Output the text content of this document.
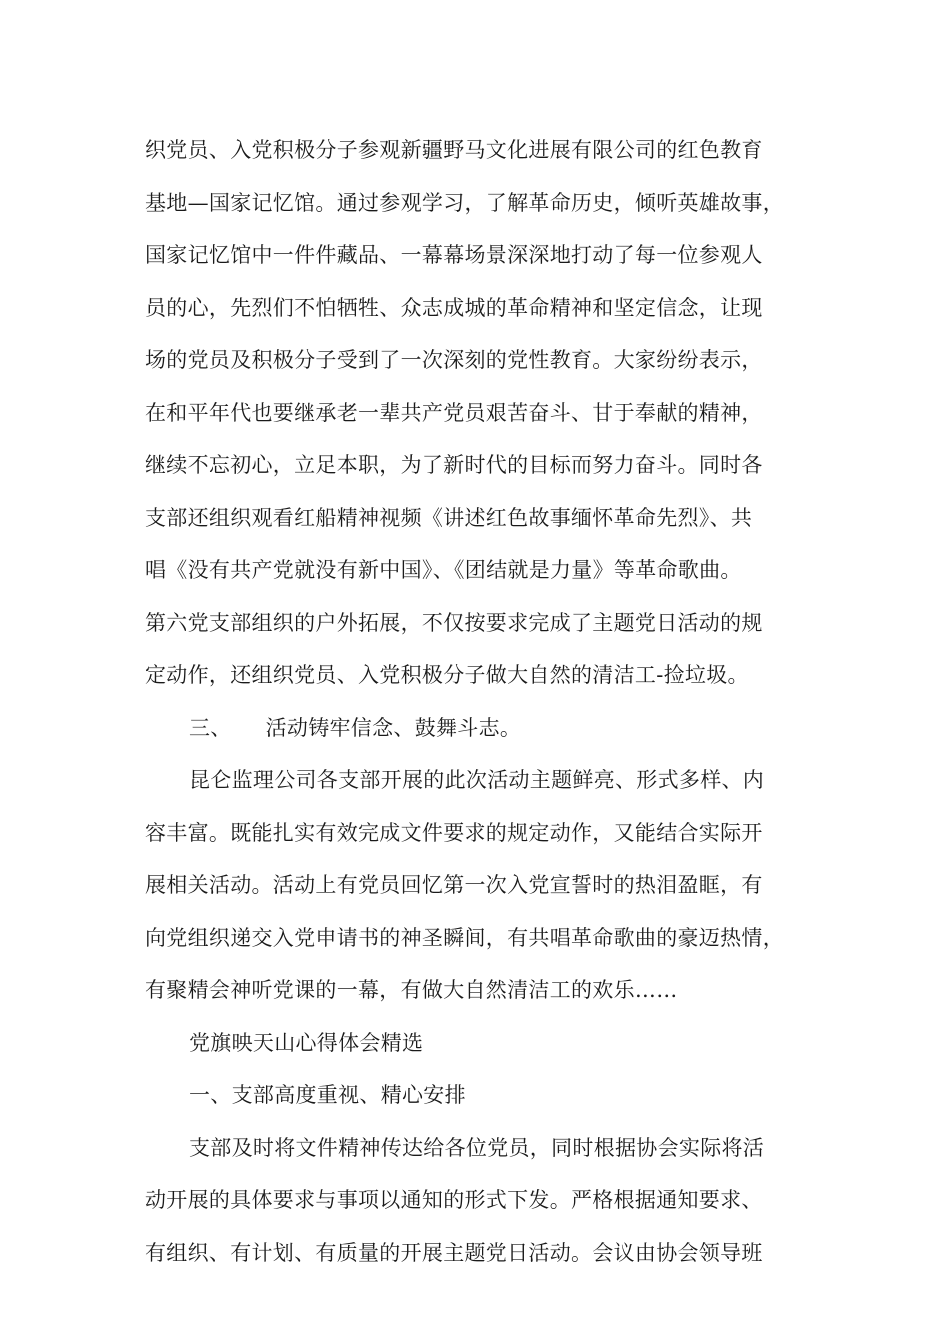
织党员、入党积极分子参观新疆野马文化进展有限公司的红色教育
基地—国家记忆馆。通过参观学习，了解革命历史，倾听英雄故事，
国家记忆馆中一件件藏品、一幕幕场景深深地打动了每一位参观人
员的心，先烈们不怕牺牲、众志成城的革命精神和坚定信念，让现
场的党员及积极分子受到了一次深刻的党性教育。大家纷纷表示，
在和平年代也要继承老一辈共产党员艰苦奋斗、甘于奉献的精神，
继续不忘初心，立足本职，为了新时代的目标而努力奋斗。同时各
支部还组织观看红船精神视频《讲述红色故事缅怀革命先烈》、共
唱《没有共产党就没有新中国》、《团结就是力量》等革命歌曲。
第六党支部组织的户外拓展，不仅按要求完成了主题党日活动的规
定动作，还组织党员、入党积极分子做大自然的清洁工-捡垃圾。
三、 活动铸牢信念、鼓舞斗志。
昆仑监理公司各支部开展的此次活动主题鲜亮、形式多样、内
容丰富。既能扎实有效完成文件要求的规定动作，又能结合实际开
展相关活动。活动上有党员回忆第一次入党宣誓时的热泪盈眶，有
向党组织递交入党申请书的神圣瞬间，有共唱革命歌曲的豪迈热情，
有聚精会神听党课的一幕，有做大自然清洁工的欢乐……
党旗映天山心得体会精选
一、支部高度重视、精心安排
支部及时将文件精神传达给各位党员，同时根据协会实际将活
动开展的具体要求与事项以通知的形式下发。严格根据通知要求、
有组织、有计划、有质量的开展主题党日活动。会议由协会领导班
